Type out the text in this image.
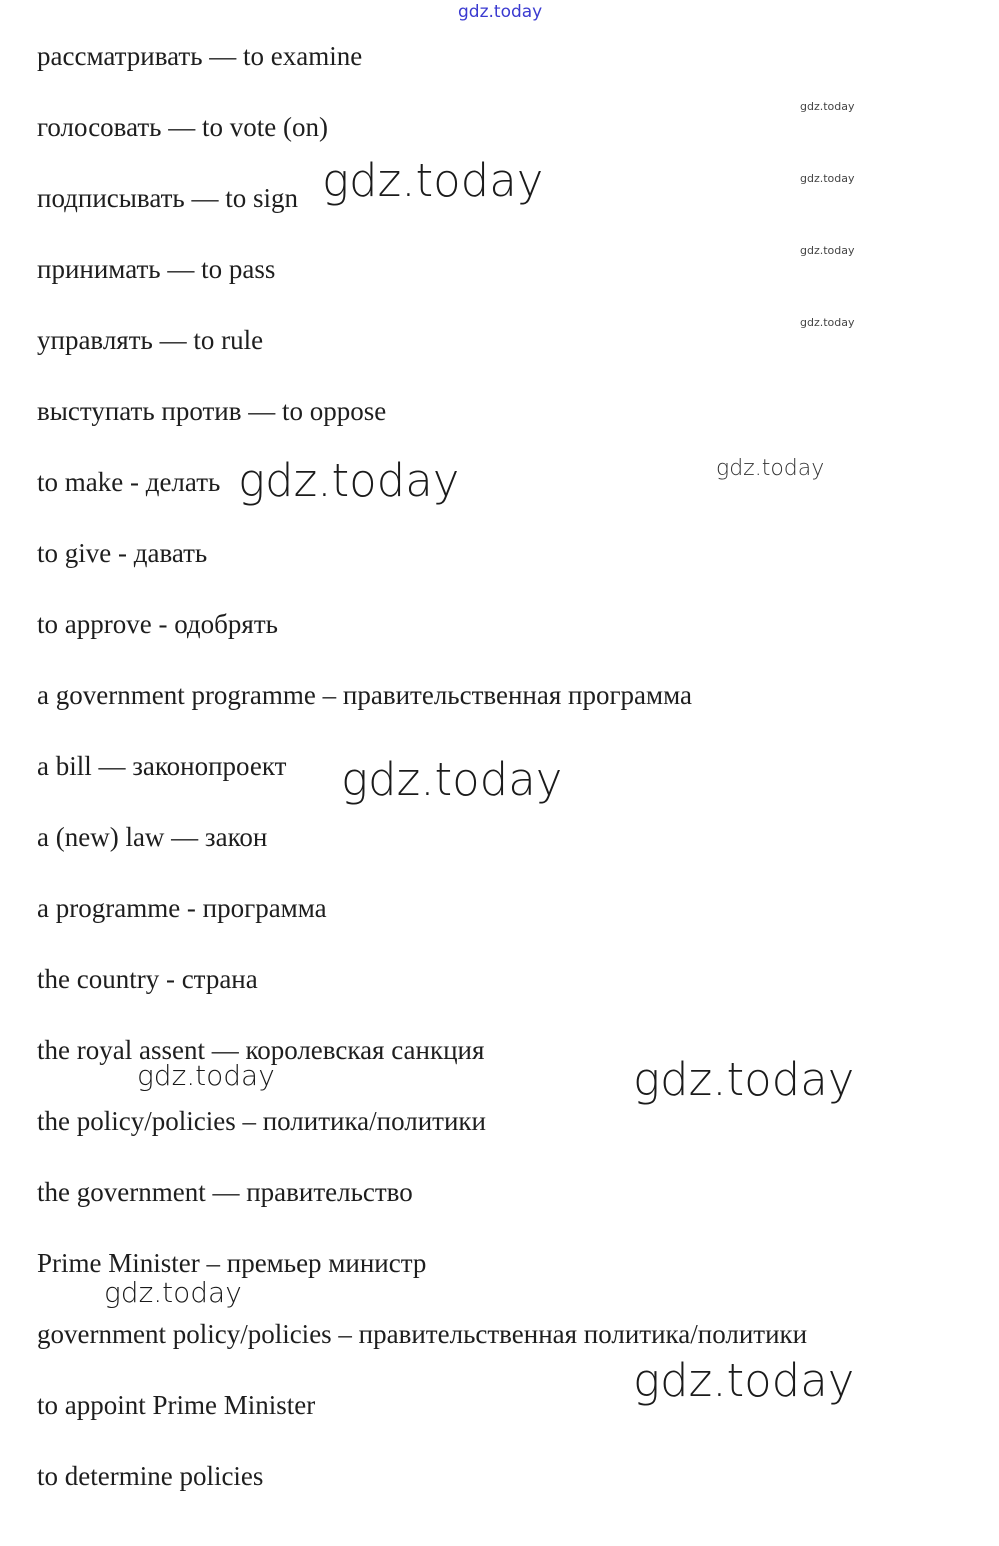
gdz.today
рассматривать — to examine
голосовать — to vote (on)
подписывать — to sign
принимать — to pass
управлять — to rule
выступать против — to oppose
to make - делать
to give - давать
to approve - одобрять
a government programme – правительственная программа
a bill — законопроект
a (new) law — закон
a programme - программа
the country - страна
the royal assent — королевская санкция
the policy/policies – политика/политики
the government — правительство
Prime Minister – премьер министр
government policy/policies – правительственная политика/политики
to appoint Prime Minister
to determine policies
gdz.today
gdz.today
gdz.today
gdz.today
gdz.today
gdz.today	gdz.today
gdz.today
gdz.today	gdz.today
gdz.today
gdz.today
